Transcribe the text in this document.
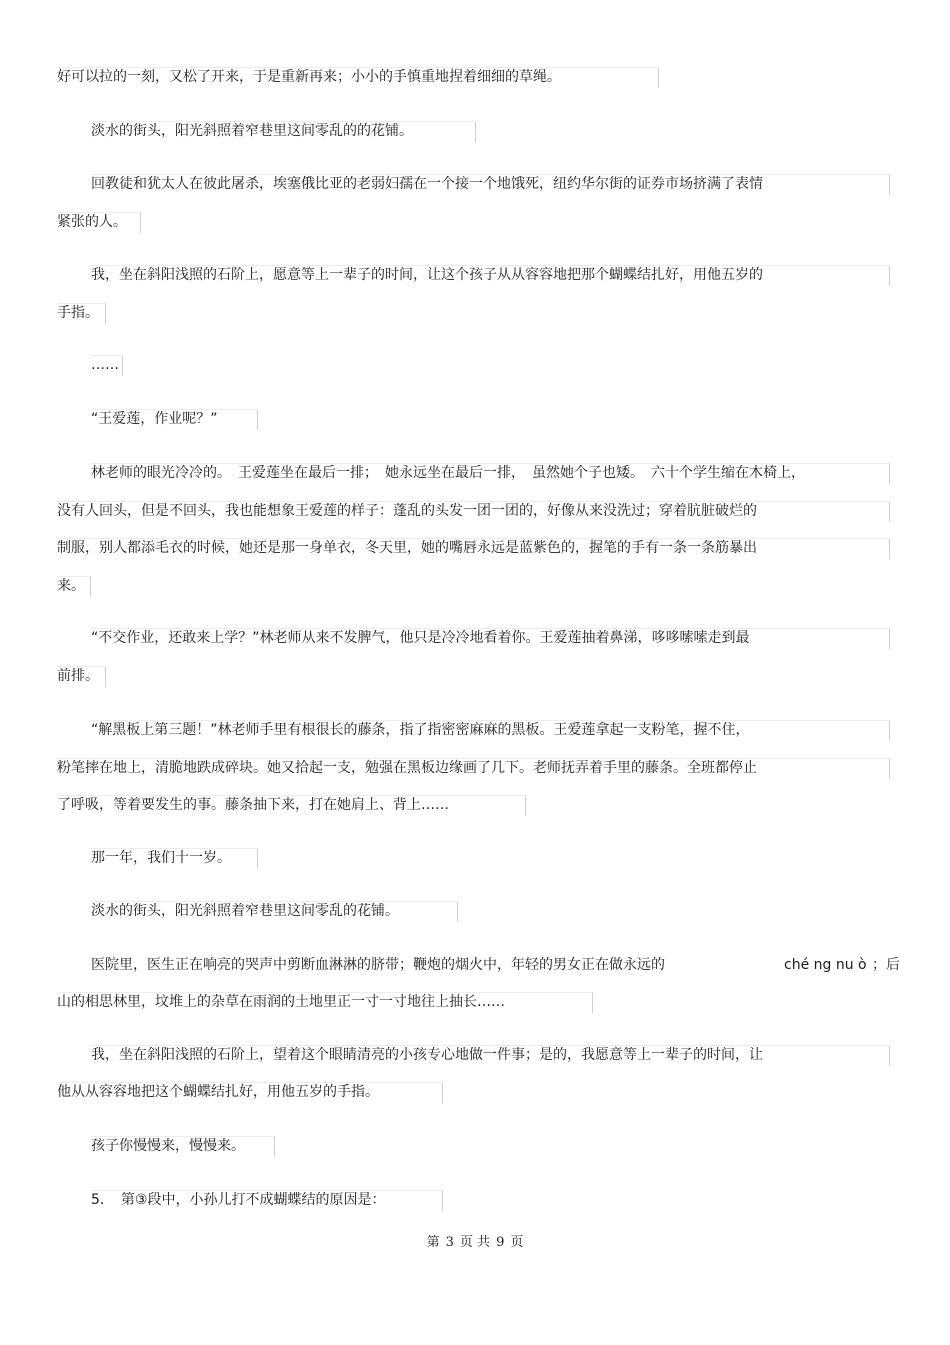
好可以拉的一刻，又松了开来，于是重新再来；小小的手慎重地捏着细细的草绳。
淡水的街头，阳光斜照着窄巷里这间零乱的的花铺。
回教徒和犹太人在彼此屠杀，埃塞俄比亚的老弱妇孺在一个接一个地饿死，纽约华尔街的证券市场挤满了表情
紧张的人。
我，坐在斜阳浅照的石阶上，愿意等上一辈子的时间，让这个孩子从从容容地把那个蝴蝶结扎好，用他五岁的
手指。
……
“王爱莲，作业呢？”
林老师的眼光冷冷的。　王爱莲坐在最后一排；　她永远坐在最后一排，　虽然她个子也矮。　六十个学生缩在木椅上，
没有人回头，但是不回头，我也能想象王爱莲的样子：蓬乱的头发一团一团的，好像从来没洗过；穿着肮脏破烂的
制服，别人都添毛衣的时候，她还是那一身单衣，冬天里，她的嘴唇永远是蓝紫色的，握笔的手有一条一条筋暴出
来。
“不交作业，还敢来上学？”林老师从来不发脾气，他只是冷冷地看着你。王爱莲抽着鼻涕，哆哆嗦嗦走到最
前排。
“解黑板上第三题！”林老师手里有根很长的藤条，指了指密密麻麻的黑板。王爱莲拿起一支粉笔，握不住，
粉笔摔在地上，清脆地跌成碎块。她又拾起一支，勉强在黑板边缘画了几下。老师抚弄着手里的藤条。全班都停止
了呼吸，等着要发生的事。藤条抽下来，打在她肩上、背上……
那一年，我们十一岁。
淡水的街头，阳光斜照着窄巷里这间零乱的花铺。
医院里，医生正在响亮的哭声中剪断血淋淋的脐带；鞭炮的烟火中，年轻的男女正在做永远的	ché ng nu ò ；后
山的相思林里，坟堆上的杂草在雨润的土地里正一寸一寸地往上抽长……
我，坐在斜阳浅照的石阶上，望着这个眼睛清亮的小孩专心地做一件事；是的，我愿意等上一辈子的时间，让
他从从容容地把这个蝴蝶结扎好，用他五岁的手指。
孩子你慢慢来，慢慢来。
5．　第③段中，小孙儿打不成蝴蝶结的原因是：
第 3 页 共 9 页
